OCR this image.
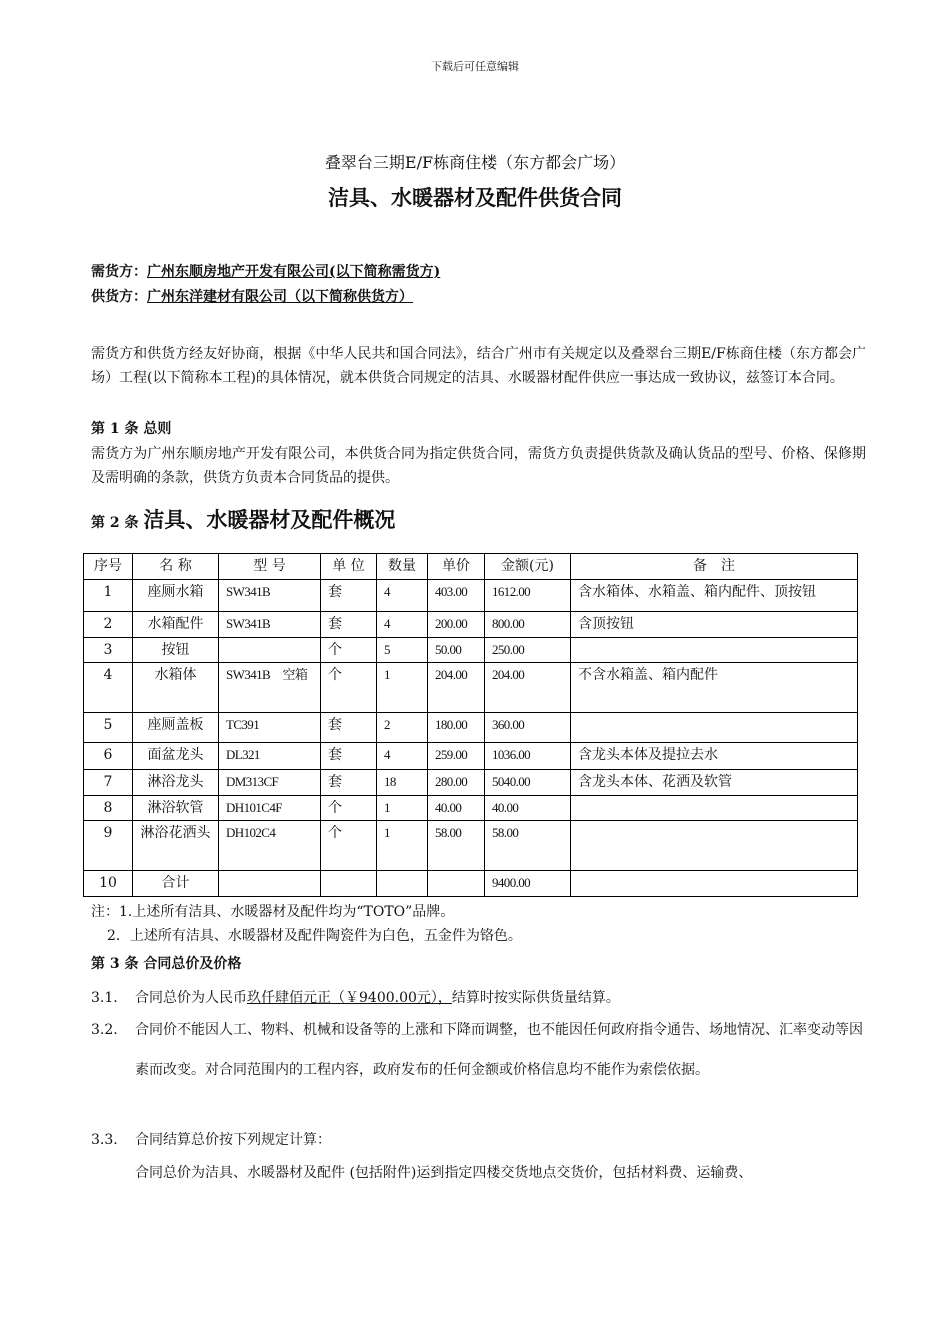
下载后可任意编辑
叠翠台三期E/F栋商住楼（东方都会广场）
洁具、水暖器材及配件供货合同
需货方：广州东顺房地产开发有限公司(以下简称需货方)
供货方：广州东洋建材有限公司（以下简称供货方）
需货方和供货方经友好协商，根据《中华人民共和国合同法》，结合广州市有关规定以及叠翠台三期E/F栋商住楼（东方都会广场）工程(以下简称本工程)的具体情况，就本供货合同规定的洁具、水暖器材配件供应一事达成一致协议，兹签订本合同。
第 1 条 总则
需货方为广州东顺房地产开发有限公司，本供货合同为指定供货合同，需货方负责提供货款及确认货品的型号、价格、保修期及需明确的条款，供货方负责本合同货品的提供。
第 2 条 洁具、水暖器材及配件概况
序号	名 称	型 号	单 位	数量	单价	金额(元)	备　注
1	座厕水箱	SW341B	套	4	403.00	1612.00	含水箱体、水箱盖、箱内配件、顶按钮
2	水箱配件	SW341B	套	4	200.00	800.00	含顶按钮
3	按钮		个	5	50.00	250.00	
4	水箱体	SW341B　空箱	个	1	204.00	204.00	不含水箱盖、箱内配件
5	座厕盖板	TC391	套	2	180.00	360.00	
6	面盆龙头	DL321	套	4	259.00	1036.00	含龙头本体及提拉去水
7	淋浴龙头	DM313CF	套	18	280.00	5040.00	含龙头本体、花洒及软管
8	淋浴软管	DH101C4F	个	1	40.00	40.00	
9	淋浴花洒头	DH102C4	个	1	58.00	58.00	
10	合计					9400.00	
注：1.上述所有洁具、水暖器材及配件均为“TOTO”品牌。
2．上述所有洁具、水暖器材及配件陶瓷件为白色，五金件为铬色。
第 3 条 合同总价及价格
3.1.	合同总价为人民币玖仟肆佰元正（￥9400.00元），结算时按实际供货量结算。
3.2.	合同价不能因人工、物料、机械和设备等的上涨和下降而调整，也不能因任何政府指令通告、场地情况、汇率变动等因素而改变。对合同范围内的工程内容，政府发布的任何金额或价格信息均不能作为索偿依据。
3.3.	合同结算总价按下列规定计算：
合同总价为洁具、水暖器材及配件 (包括附件)运到指定四楼交货地点交货价，包括材料费、运输费、
